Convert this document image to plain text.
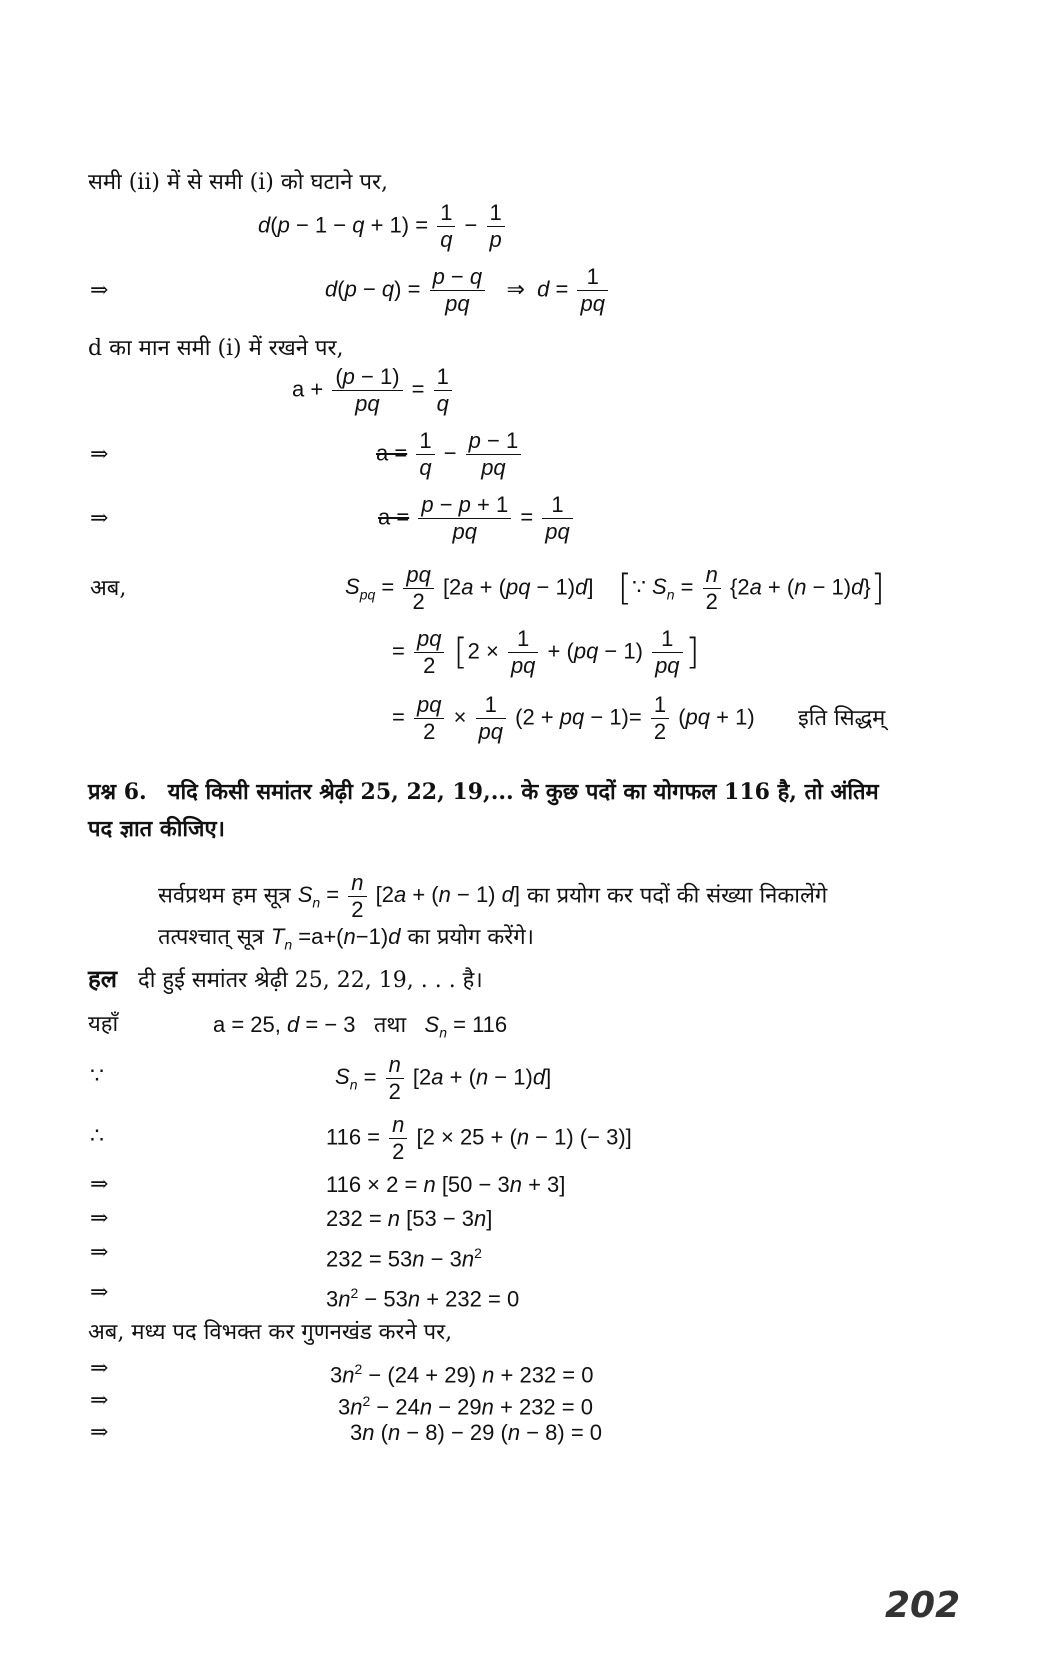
समी (ii) में से समी (i) को घटाने पर,
$d(p - 1 - q + 1) = \frac{1}{q} - \frac{1}{p}$
⇒	$d(p - q) = \frac{p - q}{pq}$ ⇒  $d = \frac{1}{pq}$
d का मान समी (i) में रखने पर,
$a + \frac{(p - 1)}{pq} = \frac{1}{q}$
⇒	$a = \frac{1}{q} - \frac{p - 1}{pq}$
⇒	$a = \frac{p - p + 1}{pq} = \frac{1}{pq}$
अब,	$S_{pq}$ = pq
2 [2a + (pq − 1)d]    [∵ $S_n = n$
2 {2a + (n − 1)d}]
= pq
2 [$2 \times \frac{1}{pq} + (pq - 1) \frac{1}{pq}$ ]
= pq
$2 \times \frac{1}{pq} (2$ + pq − 1)= 1
2 (pq + 1) इति सिद्धम्
प्रश्न 6. यदि किसी समांतर श्रेढ़ी 25, 22, 19,... के कुछ पदों का योगफल 116 है, तो अंतिम पद ज्ञात कीजिए।
सर्वप्रथम हम सूत्र $S_n = n$
2 [2a + (n − 1) d] का प्रयोग कर पदों की संख्या निकालेंगे
तत्पश्चात् सूत्र $T_n =a+(n-1)d$ का प्रयोग करेंगे।
हल दी हुई समांतर श्रेढ़ी 25, 22, 19, . . . है।
यहाँ	a = 25, d = − 3   तथा $S_n = 116$
∵	$S_n = n$
2 [2a + (n − 1)d]
∴	116 = n
2 [2 × 25 + (n − 1) (− 3)]
⇒	116 × 2 = n [50 − 3n + 3]
⇒	232 = n [53 − 3n]
⇒	$232 = 53n - 3n^2$
⇒	$3n^2 - 53n + 232 = 0$
अब, मध्य पद विभक्त कर गुणनखंड करने पर,
⇒	$3n^2 - (24 + 29) n + 232 = 0$
⇒	$3n^2 - 24n - 29n + 232 = 0$
⇒	3n (n − 8) − 29 (n − 8) = 0
202
